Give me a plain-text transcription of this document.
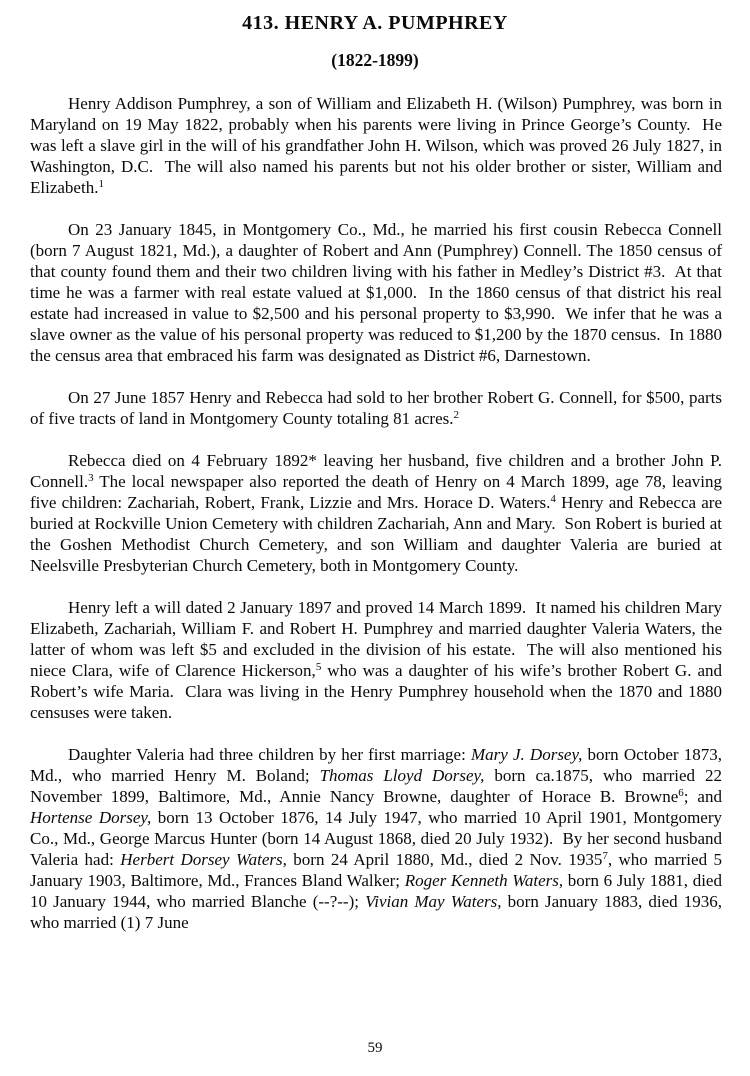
413. HENRY A. PUMPHREY
(1822-1899)

Henry Addison Pumphrey, a son of William and Elizabeth H. (Wilson) Pumphrey, was born in Maryland on 19 May 1822, probably when his parents were living in Prince George’s County.  He was left a slave girl in the will of his grandfather John H. Wilson, which was proved 26 July 1827, in Washington, D.C.  The will also named his parents but not his older brother or sister, William and Elizabeth.$^1$

On 23 January 1845, in Montgomery Co., Md., he married his first cousin Rebecca Connell (born 7 August 1821, Md.), a daughter of Robert and Ann (Pumphrey) Connell. The 1850 census of that county found them and their two children living with his father in Medley’s District #3.  At that time he was a farmer with real estate valued at $1,000.  In the 1860 census of that district his real estate had increased in value to $2,500 and his personal property to $3,990.  We infer that he was a slave owner as the value of his personal property was reduced to $1,200 by the 1870 census.  In 1880 the census area that embraced his farm was designated as District #6, Darnestown.

On 27 June 1857 Henry and Rebecca had sold to her brother Robert G. Connell, for $500, parts of five tracts of land in Montgomery County totaling 81 acres.$^2$

Rebecca died on 4 February 1892* leaving her husband, five children and a brother John P. Connell.$^3$ The local newspaper also reported the death of Henry on 4 March 1899, age 78, leaving five children: Zachariah, Robert, Frank, Lizzie and Mrs. Horace D. Waters.$^4$ Henry and Rebecca are buried at Rockville Union Cemetery with children Zachariah, Ann and Mary.  Son Robert is buried at the Goshen Methodist Church Cemetery, and son William and daughter Valeria are buried at Neelsville Presbyterian Church Cemetery, both in Montgomery County.

Henry left a will dated 2 January 1897 and proved 14 March 1899.  It named his children Mary Elizabeth, Zachariah, William F. and Robert H. Pumphrey and married daughter Valeria Waters, the latter of whom was left $5 and excluded in the division of his estate.  The will also mentioned his niece Clara, wife of Clarence Hickerson,$^5$ who was a daughter of his wife’s brother Robert G. and Robert’s wife Maria.  Clara was living in the Henry Pumphrey household when the 1870 and 1880 censuses were taken.

Daughter Valeria had three children by her first marriage: Mary J. Dorsey, born October 1873, Md., who married Henry M. Boland; Thomas Lloyd Dorsey, born ca.1875, who married 22 November 1899, Baltimore, Md., Annie Nancy Browne, daughter of Horace B. Browne$^6$; and Hortense Dorsey, born 13 October 1876, 14 July 1947, who married 10 April 1901, Montgomery Co., Md., George Marcus Hunter (born 14 August 1868, died 20 July 1932).  By her second husband Valeria had: Herbert Dorsey Waters, born 24 April 1880, Md., died 2 Nov. 1935$^7$, who married 5 January 1903, Baltimore, Md., Frances Bland Walker; Roger Kenneth Waters, born 6 July 1881, died 10 January 1944, who married Blanche (--?--); Vivian May Waters, born January 1883, died 1936, who married (1) 7 June

59
